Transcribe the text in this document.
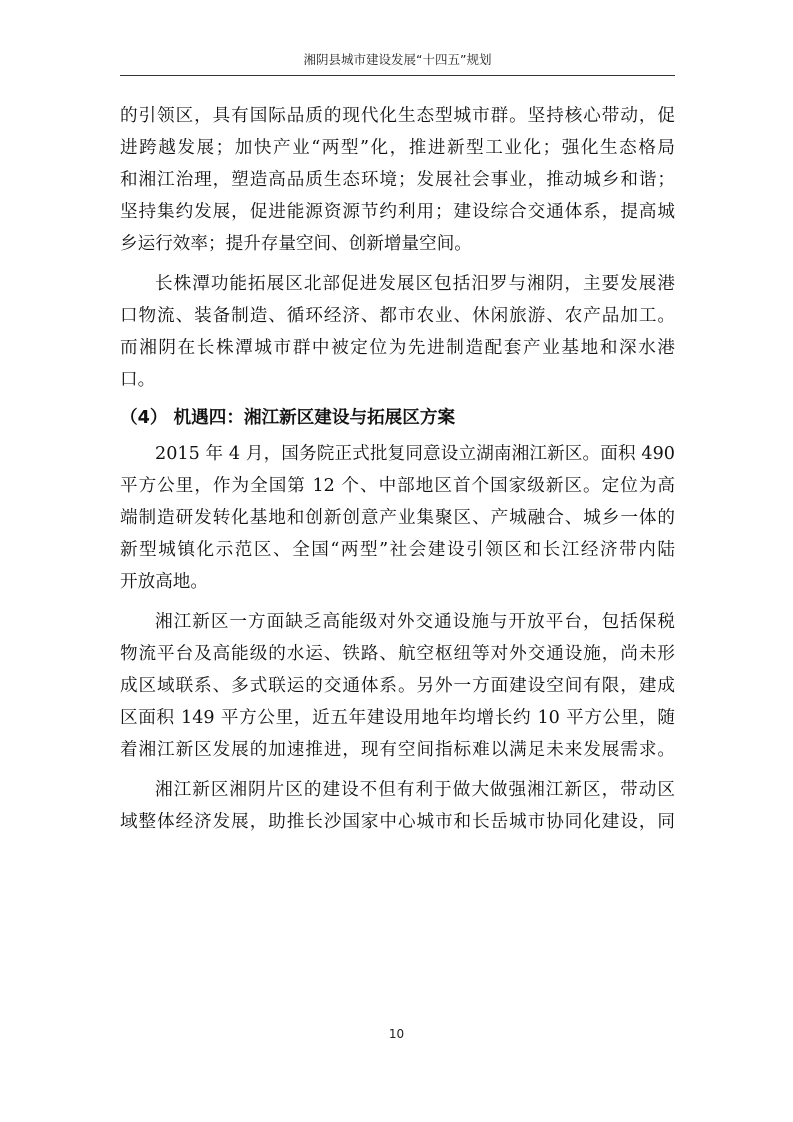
湘阴县城市建设发展“十四五”规划
的引领区，具有国际品质的现代化生态型城市群。坚持核心带动，促
进跨越发展；加快产业“两型”化，推进新型工业化；强化生态格局
和湘江治理，塑造高品质生态环境；发展社会事业，推动城乡和谐；
坚持集约发展，促进能源资源节约利用；建设综合交通体系，提高城
乡运行效率；提升存量空间、创新增量空间。
长株潭功能拓展区北部促进发展区包括汨罗与湘阴，主要发展港
口物流、装备制造、循环经济、都市农业、休闲旅游、农产品加工。
而湘阴在长株潭城市群中被定位为先进制造配套产业基地和深水港
口。
（4） 机遇四：湘江新区建设与拓展区方案
2015 年 4 月，国务院正式批复同意设立湖南湘江新区。面积 490
平方公里，作为全国第 12 个、中部地区首个国家级新区。定位为高
端制造研发转化基地和创新创意产业集聚区、产城融合、城乡一体的
新型城镇化示范区、全国“两型”社会建设引领区和长江经济带内陆
开放高地。
湘江新区一方面缺乏高能级对外交通设施与开放平台，包括保税
物流平台及高能级的水运、铁路、航空枢纽等对外交通设施，尚未形
成区域联系、多式联运的交通体系。另外一方面建设空间有限，建成
区面积 149 平方公里，近五年建设用地年均增长约 10 平方公里，随
着湘江新区发展的加速推进，现有空间指标难以满足未来发展需求。
湘江新区湘阴片区的建设不但有利于做大做强湘江新区，带动区
域整体经济发展，助推长沙国家中心城市和长岳城市协同化建设，同
10
